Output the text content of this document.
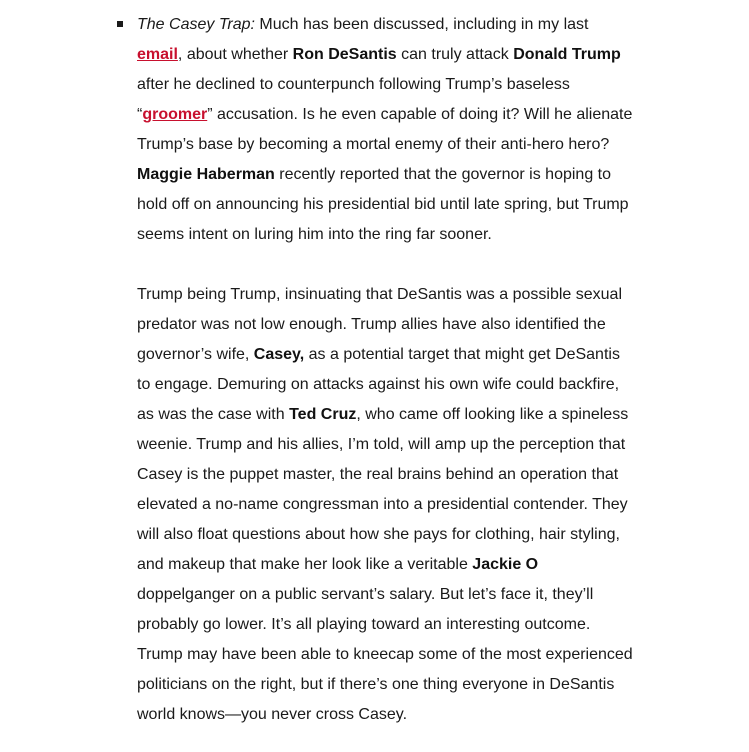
The Casey Trap: Much has been discussed, including in my last email, about whether Ron DeSantis can truly attack Donald Trump after he declined to counterpunch following Trump’s baseless “groomer” accusation. Is he even capable of doing it? Will he alienate Trump’s base by becoming a mortal enemy of their anti-hero hero? Maggie Haberman recently reported that the governor is hoping to hold off on announcing his presidential bid until late spring, but Trump seems intent on luring him into the ring far sooner.

Trump being Trump, insinuating that DeSantis was a possible sexual predator was not low enough. Trump allies have also identified the governor’s wife, Casey, as a potential target that might get DeSantis to engage. Demuring on attacks against his own wife could backfire, as was the case with Ted Cruz, who came off looking like a spineless weenie. Trump and his allies, I’m told, will amp up the perception that Casey is the puppet master, the real brains behind an operation that elevated a no-name congressman into a presidential contender. They will also float questions about how she pays for clothing, hair styling, and makeup that make her look like a veritable Jackie O doppelganger on a public servant’s salary. But let’s face it, they’ll probably go lower. It’s all playing toward an interesting outcome. Trump may have been able to kneecap some of the most experienced politicians on the right, but if there’s one thing everyone in DeSantis world knows—you never cross Casey.
